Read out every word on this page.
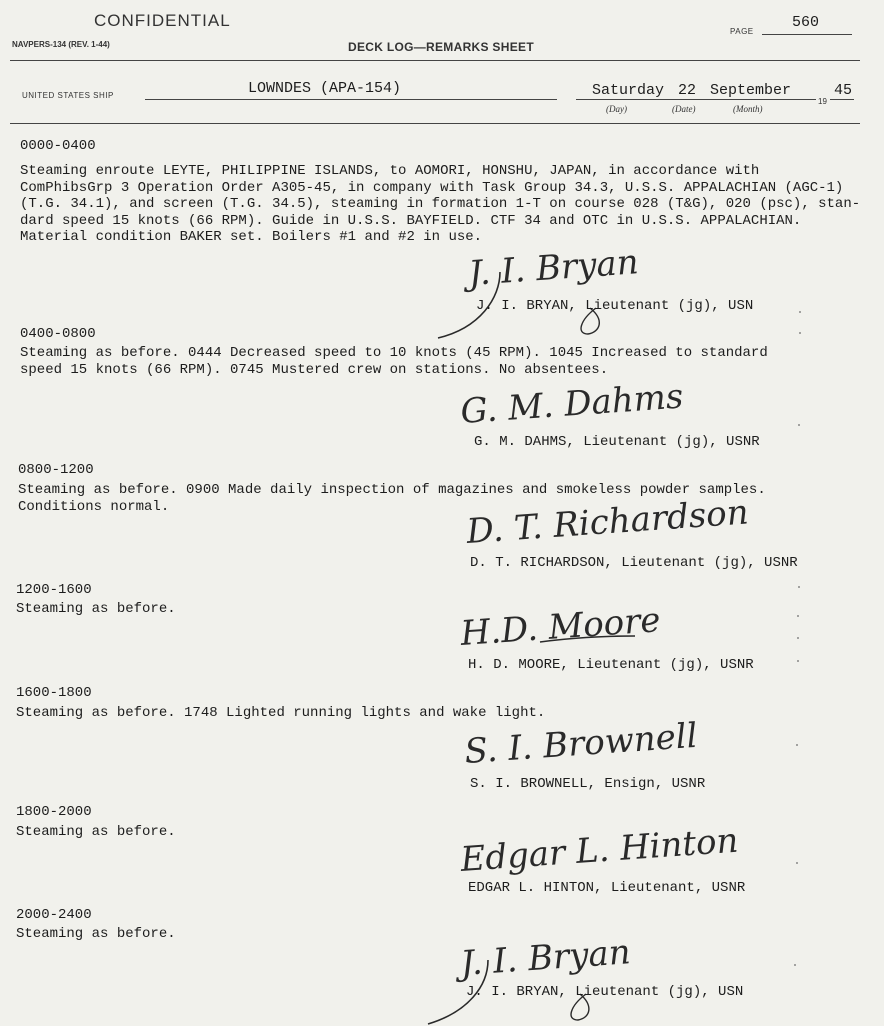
CONFIDENTIAL
NAVPERS-134 (REV. 1-44)	DECK LOG—REMARKS SHEET
PAGE
560
UNITED STATES SHIP	LOWNDES (APA-154)	Saturday 22 September
19
45
(Day)	(Date)	(Month)
0000-0400
Steaming enroute LEYTE, PHILIPPINE ISLANDS, to AOMORI, HONSHU, JAPAN, in accordance with
ComPhibsGrp 3 Operation Order A305-45, in company with Task Group 34.3, U.S.S. APPALACHIAN (AGC-1)
(T.G. 34.1), and screen (T.G. 34.5), steaming in formation 1-T on course 028 (T&G), 020 (psc), stan-
dard speed 15 knots (66 RPM). Guide in U.S.S. BAYFIELD. CTF 34 and OTC in U.S.S. APPALACHIAN.
Material condition BAKER set. Boilers #1 and #2 in use.
J. I. Bryan
J. I. BRYAN, Lieutenant (jg), USN
0400-0800
Steaming as before. 0444 Decreased speed to 10 knots (45 RPM). 1045 Increased to standard
speed 15 knots (66 RPM). 0745 Mustered crew on stations. No absentees.
G. M. Dahms
G. M. DAHMS, Lieutenant (jg), USNR
0800-1200
Steaming as before. 0900 Made daily inspection of magazines and smokeless powder samples.
Conditions normal.	D. T. Richardson
D. T. RICHARDSON, Lieutenant (jg), USNR
1200-1600
Steaming as before.	H.D. Moore
H. D. MOORE, Lieutenant (jg), USNR
1600-1800
Steaming as before. 1748 Lighted running lights and wake light.
S. I. Brownell
S. I. BROWNELL, Ensign, USNR
1800-2000
Steaming as before.	Edgar L. Hinton
EDGAR L. HINTON, Lieutenant, USNR
2000-2400
Steaming as before.	J. I. Bryan
J. I. BRYAN, Lieutenant (jg), USN
